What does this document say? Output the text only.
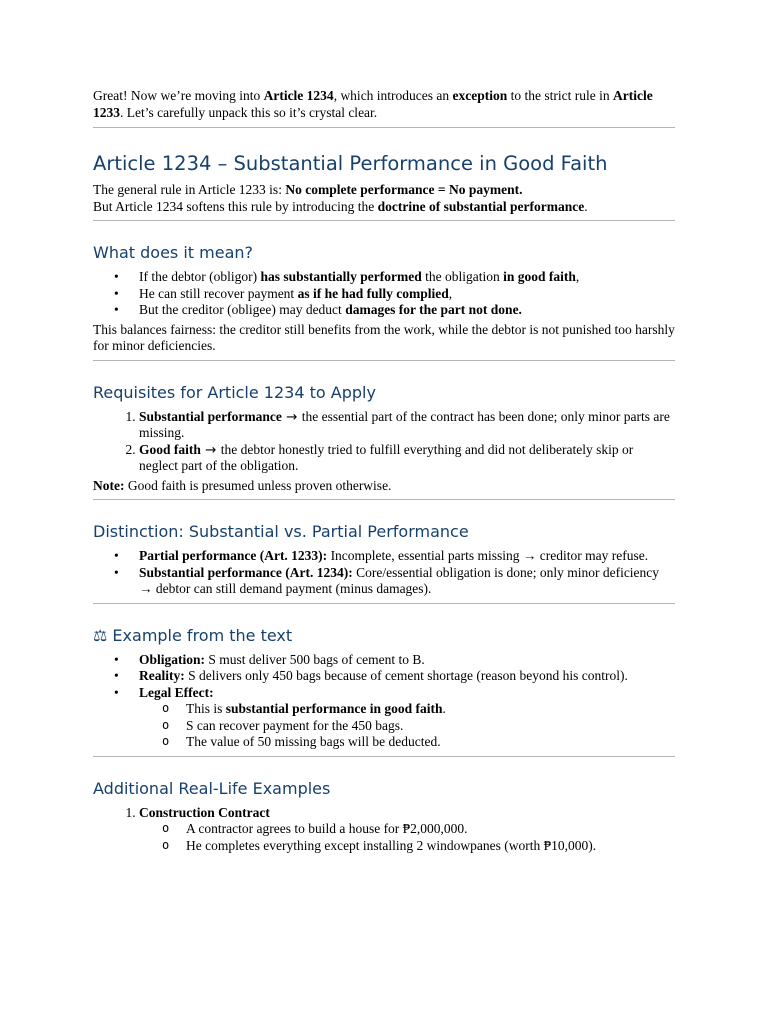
Great! Now we’re moving into Article 1234, which introduces an exception to the strict rule in Article 1233. Let’s carefully unpack this so it’s crystal clear.

Article 1234 – Substantial Performance in Good Faith

The general rule in Article 1233 is: No complete performance = No payment.

But Article 1234 softens this rule by introducing the doctrine of substantial performance.

What does it mean?
• If the debtor (obligor) has substantially performed the obligation in good faith,
• He can still recover payment as if he had fully complied,
• But the creditor (obligee) may deduct damages for the part not done.

This balances fairness: the creditor still benefits from the work, while the debtor is not punished too harshly for minor deficiencies.

Requisites for Article 1234 to Apply
1. Substantial performance → the essential part of the contract has been done; only minor parts are missing.
2. Good faith → the debtor honestly tried to fulfill everything and did not deliberately skip or neglect part of the obligation.

Note: Good faith is presumed unless proven otherwise.

Distinction: Substantial vs. Partial Performance
• Partial performance (Art. 1233): Incomplete, essential parts missing → creditor may refuse.
• Substantial performance (Art. 1234): Core/essential obligation is done; only minor deficiency → debtor can still demand payment (minus damages).
⚖ Example from the text
• Obligation: S must deliver 500 bags of cement to B.
• Reality: S delivers only 450 bags because of cement shortage (reason beyond his control).
• Legal Effect:
o This is substantial performance in good faith.
o S can recover payment for the 450 bags.
o The value of 50 missing bags will be deducted.
Additional Real-Life Examples
1. Construction Contract
o A contractor agrees to build a house for ₱2,000,000.
o He completes everything except installing 2 windowpanes (worth ₱10,000).
